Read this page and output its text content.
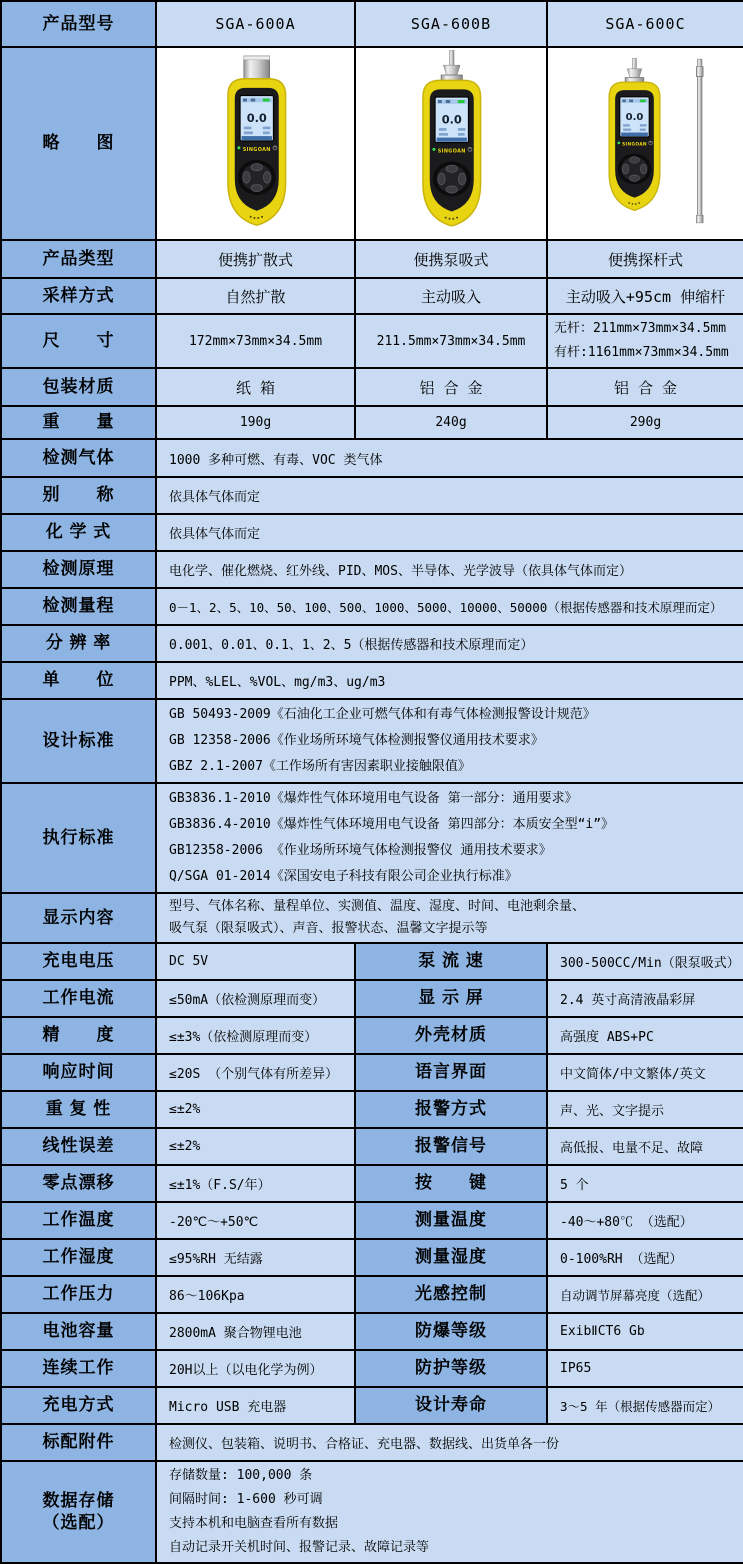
产品型号	SGA-600A	SGA-600B	SGA-600C
略　　图	0.0
SINGOAN	0.0
SINGOAN	0.0
SINGOAN

产品类型	便携扩散式	便携泵吸式	便携探杆式
采样方式	自然扩散	主动吸入	主动吸入+95cm 伸缩杆
尺　　寸	172mm×73mm×34.5mm	211.5mm×73mm×34.5mm	无杆：211mm×73mm×34.5mm
有杆:1161mm×73mm×34.5mm

包装材质	纸 箱	铝 合 金	铝 合 金
重　　量	190g	240g	290g
检测气体	1000 多种可燃、有毒、VOC 类气体		
别　　称	依具体气体而定		
化 学 式	依具体气体而定		
检测原理	电化学、催化燃烧、红外线、PID、MOS、半导体、光学波导（依具体气体而定）		
检测量程	0－1、2、5、10、50、100、500、1000、5000、10000、50000（根据传感器和技术原理而定）		
分 辨 率	0.001、0.01、0.1、1、2、5（根据传感器和技术原理而定）		
单　　位	PPM、%LEL、%VOL、mg/m3、ug/m3		
设计标准	GB 50493-2009《石油化工企业可燃气体和有毒气体检测报警设计规范》
GB 12358-2006《作业场所环境气体检测报警仪通用技术要求》
GBZ 2.1-2007《工作场所有害因素职业接触限值》		

执行标准	GB3836.1-2010《爆炸性气体环境用电气设备 第一部分：通用要求》
GB3836.4-2010《爆炸性气体环境用电气设备 第四部分：本质安全型“i”》
GB12358-2006 《作业场所环境气体检测报警仪 通用技术要求》
Q/SGA 01-2014《深国安电子科技有限公司企业执行标准》		

显示内容	型号、气体名称、量程单位、实测值、温度、湿度、时间、电池剩余量、
吸气泵（限泵吸式）、声音、报警状态、温馨文字提示等		

充电电压	DC 5V	泵 流 速	300-500CC/Min（限泵吸式）
工作电流	≤50mA（依检测原理而变）	显 示 屏	2.4 英寸高清液晶彩屏
精　　度	≤±3%（依检测原理而变）	外壳材质	高强度 ABS+PC
响应时间	≤20S （个别气体有所差异）	语言界面	中文简体/中文繁体/英文
重 复 性	≤±2%	报警方式	声、光、文字提示
线性误差	≤±2%	报警信号	高低报、电量不足、故障
零点漂移	≤±1%（F.S/年）	按　　键	5 个
工作温度	-20℃～+50℃	测量温度	-40～+80℃ （选配）
工作湿度	≤95%RH 无结露	测量湿度	0-100%RH （选配）
工作压力	86～106Kpa	光感控制	自动调节屏幕亮度（选配）
电池容量	2800mA 聚合物锂电池	防爆等级	ExibⅡCT6 Gb
连续工作	20H以上（以电化学为例）	防护等级	IP65
充电方式	Micro USB 充电器	设计寿命	3～5 年（根据传感器而定）
标配附件	检测仪、包装箱、说明书、合格证、充电器、数据线、出货单各一份		

数据存储
（选配）

存储数量: 100,000 条
间隔时间: 1-600 秒可调
支持本机和电脑查看所有数据
自动记录开关机时间、报警记录、故障记录等
